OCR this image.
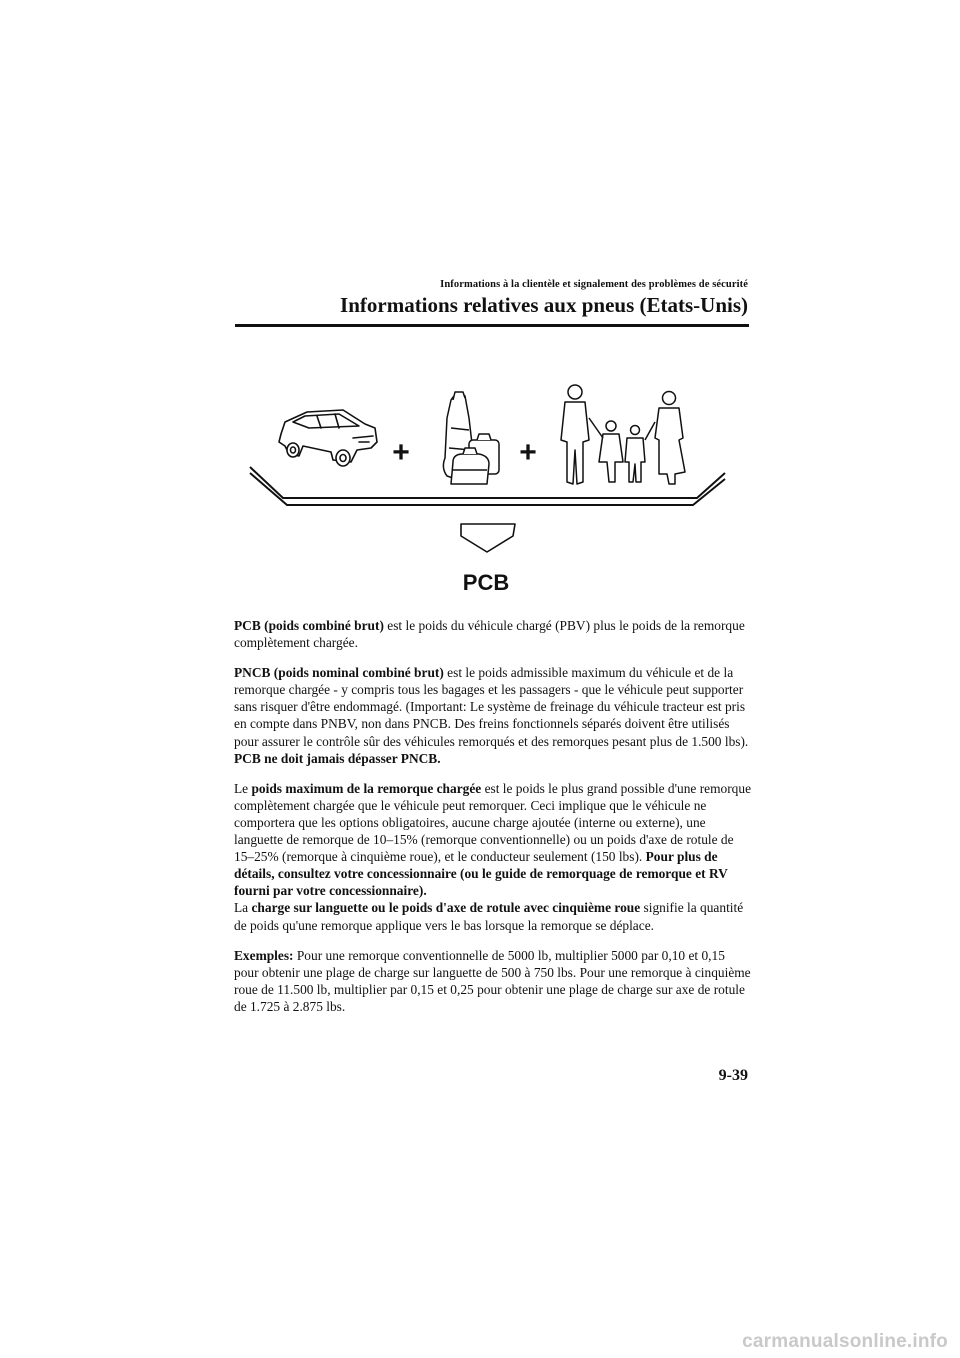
Informations à la clientèle et signalement des problèmes de sécurité
Informations relatives aux pneus (Etats-Unis)
+	+
PCB

PCB (poids combiné brut) est le poids du véhicule chargé (PBV) plus le poids de la remorque complètement chargée.

PNCB (poids nominal combiné brut) est le poids admissible maximum du véhicule et de la remorque chargée - y compris tous les bagages et les passagers - que le véhicule peut supporter sans risquer d'être endommagé. (Important: Le système de freinage du véhicule tracteur est pris en compte dans PNBV, non dans PNCB. Des freins fonctionnels séparés doivent être utilisés pour assurer le contrôle sûr des véhicules remorqués et des remorques pesant plus de 1.500 lbs). PCB ne doit jamais dépasser PNCB.

Le poids maximum de la remorque chargée est le poids le plus grand possible d'une remorque complètement chargée que le véhicule peut remorquer. Ceci implique que le véhicule ne comportera que les options obligatoires, aucune charge ajoutée (interne ou externe), une languette de remorque de 10–15% (remorque conventionnelle) ou un poids d'axe de rotule de 15–25% (remorque à cinquième roue), et le conducteur seulement (150 lbs). Pour plus de détails, consultez votre concessionnaire (ou le guide de remorquage de remorque et RV fourni par votre concessionnaire).

La charge sur languette ou le poids d'axe de rotule avec cinquième roue signifie la quantité de poids qu'une remorque applique vers le bas lorsque la remorque se déplace.

Exemples: Pour une remorque conventionnelle de 5000 lb, multiplier 5000 par 0,10 et 0,15 pour obtenir une plage de charge sur languette de 500 à 750 lbs. Pour une remorque à cinquième roue de 11.500 lb, multiplier par 0,15 et 0,25 pour obtenir une plage de charge sur axe de rotule de 1.725 à 2.875 lbs.

9-39
carmanualsonline.info
